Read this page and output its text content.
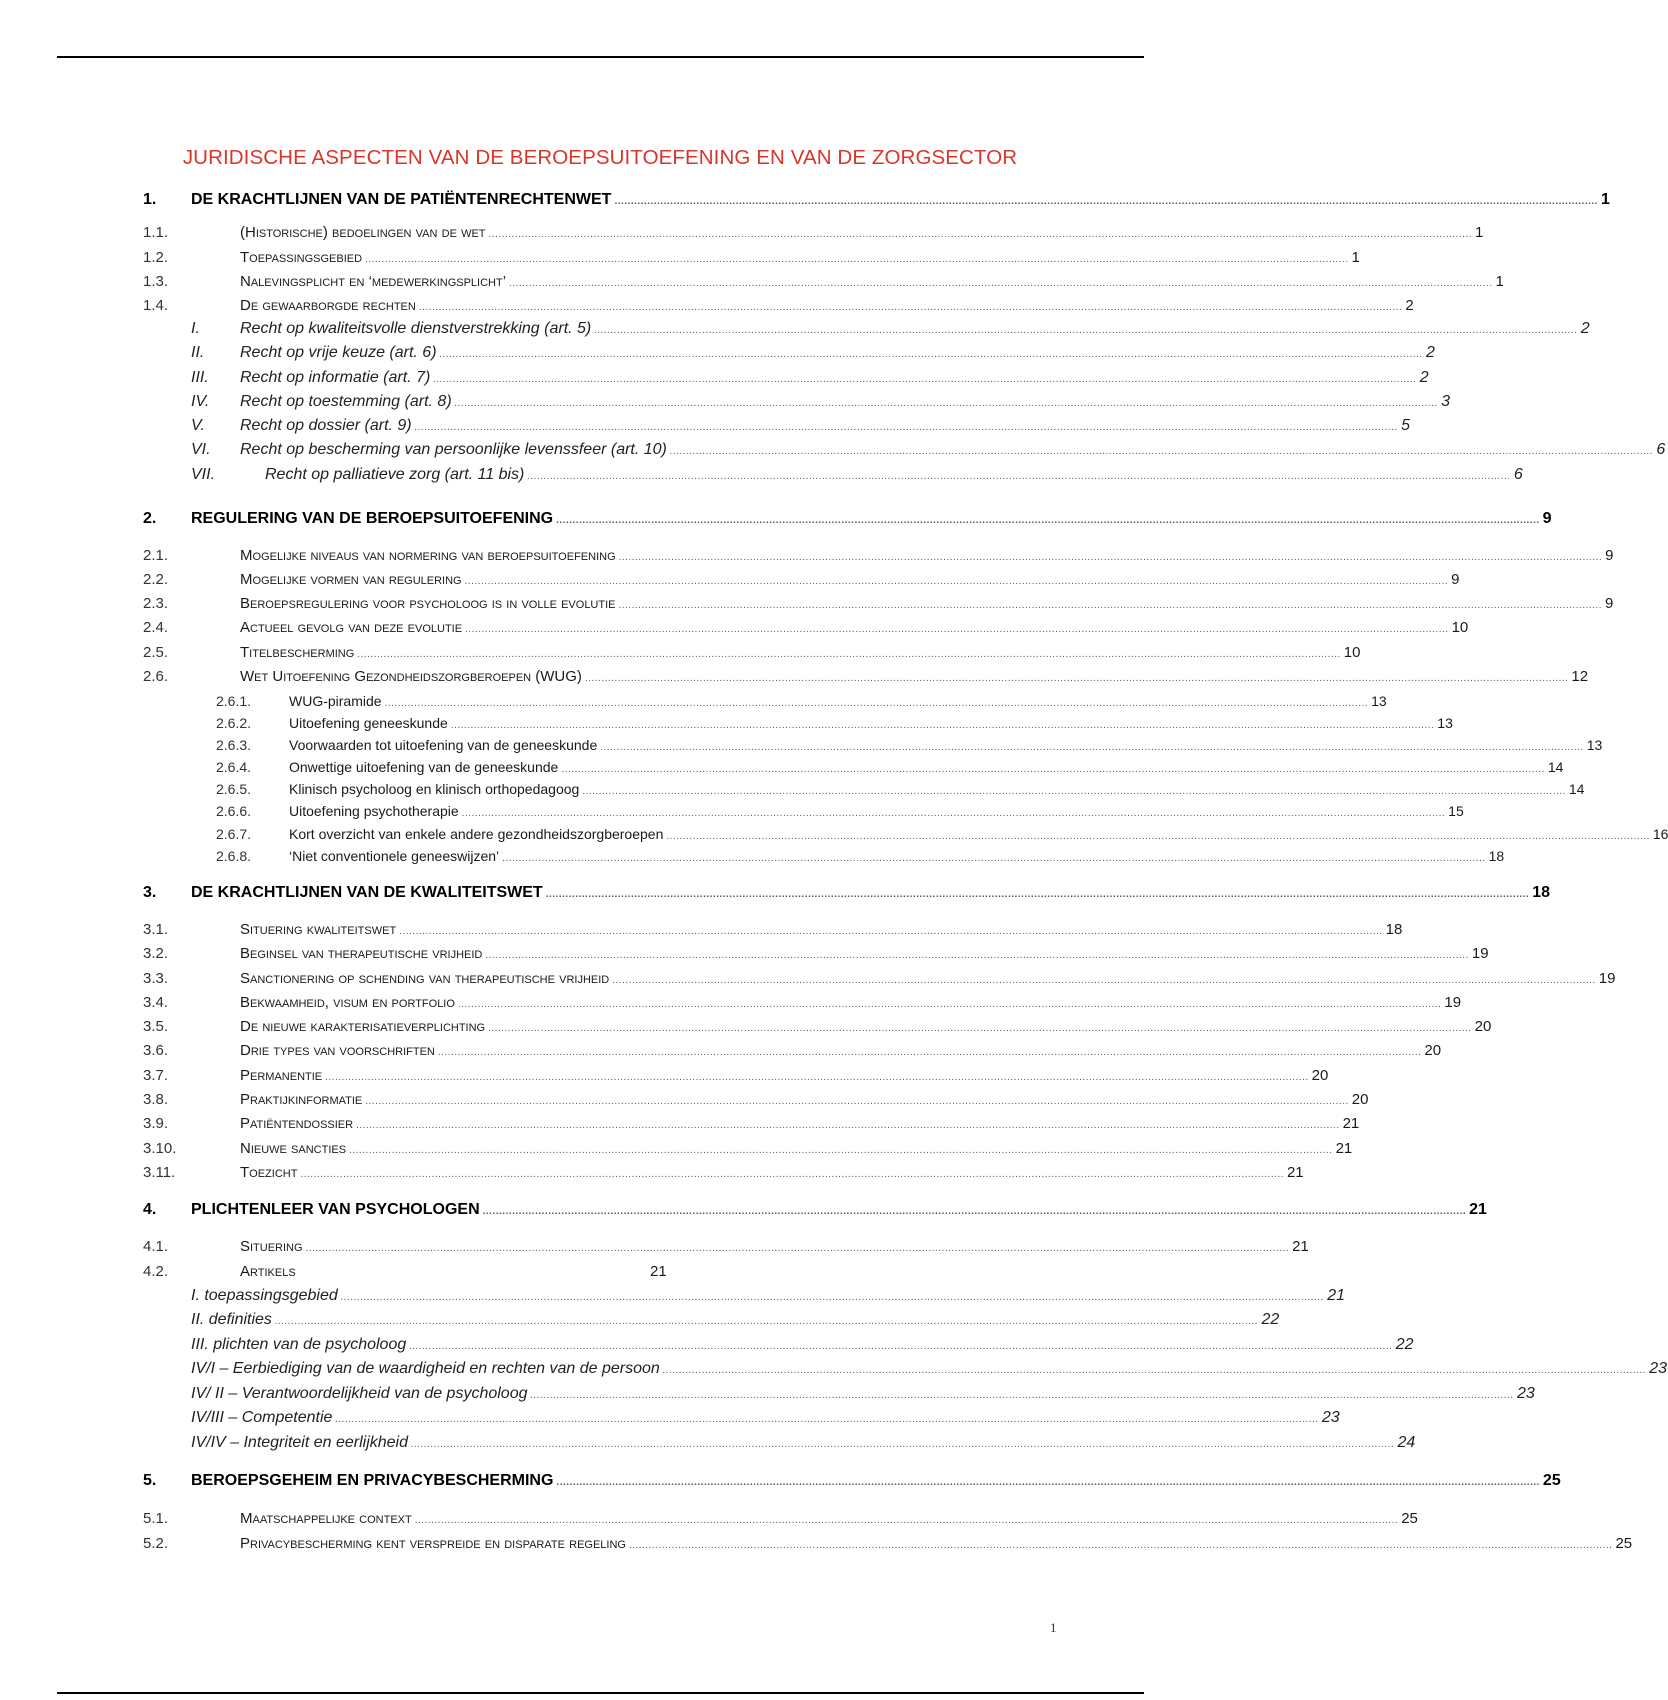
JURIDISCHE ASPECTEN VAN DE BEROEPSUITOEFENING EN VAN DE ZORGSECTOR
1. DE KRACHTLIJNEN VAN DE PATIËNTENRECHTENWET ............................................................................................................................................................................................................................................................................................................ 1
1.1.	(Historische) bedoelingen van de wet ............................................................................................................................................................................................................................................................................................................ 1
1.2.	Toepassingsgebied ............................................................................................................................................................................................................................................................................................................ 1
1.3.	Nalevingsplicht en ‘medewerkingsplicht’ ............................................................................................................................................................................................................................................................................................................ 1
1.4.	De gewaarborgde rechten ............................................................................................................................................................................................................................................................................................................ 2
I.	Recht op kwaliteitsvolle dienstverstrekking (art. 5) ............................................................................................................................................................................................................................................................................................................ 2
II. Recht op vrije keuze (art. 6) ............................................................................................................................................................................................................................................................................................................ 2
III. Recht op informatie (art. 7) ............................................................................................................................................................................................................................................................................................................ 2
IV. Recht op toestemming (art. 8) ............................................................................................................................................................................................................................................................................................................ 3
V. Recht op dossier (art. 9) ............................................................................................................................................................................................................................................................................................................ 5
VI. Recht op bescherming van persoonlijke levenssfeer (art. 10) ............................................................................................................................................................................................................................................................................................................ 6
VII.	Recht op palliatieve zorg (art. 11 bis) ............................................................................................................................................................................................................................................................................................................ 6
2. REGULERING VAN DE BEROEPSUITOEFENING ............................................................................................................................................................................................................................................................................................................ 9
2.1.	Mogelijke niveaus van normering van beroepsuitoefening ............................................................................................................................................................................................................................................................................................................ 9
2.2.	Mogelijke vormen van regulering ............................................................................................................................................................................................................................................................................................................ 9
2.3.	Beroepsregulering voor psycholoog is in volle evolutie ............................................................................................................................................................................................................................................................................................................ 9
2.4.	Actueel gevolg van deze evolutie ............................................................................................................................................................................................................................................................................................................ 10
2.5.	Titelbescherming ............................................................................................................................................................................................................................................................................................................ 10
2.6.	Wet Uitoefening Gezondheidszorgberoepen (WUG) ............................................................................................................................................................................................................................................................................................................ 12
2.6.1.	WUG-piramide ............................................................................................................................................................................................................................................................................................................ 13
2.6.2.	Uitoefening geneeskunde ............................................................................................................................................................................................................................................................................................................ 13
2.6.3.	Voorwaarden tot uitoefening van de geneeskunde ............................................................................................................................................................................................................................................................................................................ 13
2.6.4.	Onwettige uitoefening van de geneeskunde ............................................................................................................................................................................................................................................................................................................ 14
2.6.5.	Klinisch psycholoog en klinisch orthopedagoog ............................................................................................................................................................................................................................................................................................................ 14
2.6.6.	Uitoefening psychotherapie ............................................................................................................................................................................................................................................................................................................ 15
2.6.7.	Kort overzicht van enkele andere gezondheidszorgberoepen ............................................................................................................................................................................................................................................................................................................ 16
2.6.8.	‘Niet conventionele geneeswijzen’ ............................................................................................................................................................................................................................................................................................................ 18
3. DE KRACHTLIJNEN VAN DE KWALITEITSWET ............................................................................................................................................................................................................................................................................................................ 18
3.1.	Situering kwaliteitswet ............................................................................................................................................................................................................................................................................................................ 18
3.2.	Beginsel van therapeutische vrijheid ............................................................................................................................................................................................................................................................................................................ 19
3.3.	Sanctionering op schending van therapeutische vrijheid ............................................................................................................................................................................................................................................................................................................ 19
3.4.	Bekwaamheid, visum en portfolio ............................................................................................................................................................................................................................................................................................................ 19
3.5.	De nieuwe karakterisatieverplichting ............................................................................................................................................................................................................................................................................................................ 20
3.6.	Drie types van voorschriften ............................................................................................................................................................................................................................................................................................................ 20
3.7.	Permanentie ............................................................................................................................................................................................................................................................................................................ 20
3.8.	Praktijkinformatie ............................................................................................................................................................................................................................................................................................................ 20
3.9.	Patiëntendossier ............................................................................................................................................................................................................................................................................................................ 21
3.10.	Nieuwe sancties ............................................................................................................................................................................................................................................................................................................ 21
3.11.	Toezicht ............................................................................................................................................................................................................................................................................................................ 21
4. PLICHTENLEER VAN PSYCHOLOGEN ............................................................................................................................................................................................................................................................................................................ 21
4.1.	Situering ............................................................................................................................................................................................................................................................................................................ 21
4.2.	Artikels	21
I. toepassingsgebied ............................................................................................................................................................................................................................................................................................................ 21
II. definities ............................................................................................................................................................................................................................................................................................................ 22
III. plichten van de psycholoog ............................................................................................................................................................................................................................................................................................................ 22
IV/I – Eerbiediging van de waardigheid en rechten van de persoon ............................................................................................................................................................................................................................................................................................................ 23
IV/ II – Verantwoordelijkheid van de psycholoog ............................................................................................................................................................................................................................................................................................................ 23
IV/III – Competentie ............................................................................................................................................................................................................................................................................................................ 23
IV/IV – Integriteit en eerlijkheid ............................................................................................................................................................................................................................................................................................................ 24
5. BEROEPSGEHEIM EN PRIVACYBESCHERMING ............................................................................................................................................................................................................................................................................................................ 25
5.1.	Maatschappelijke context ............................................................................................................................................................................................................................................................................................................ 25
5.2.	Privacybescherming kent verspreide en disparate regeling ............................................................................................................................................................................................................................................................................................................ 25
1
